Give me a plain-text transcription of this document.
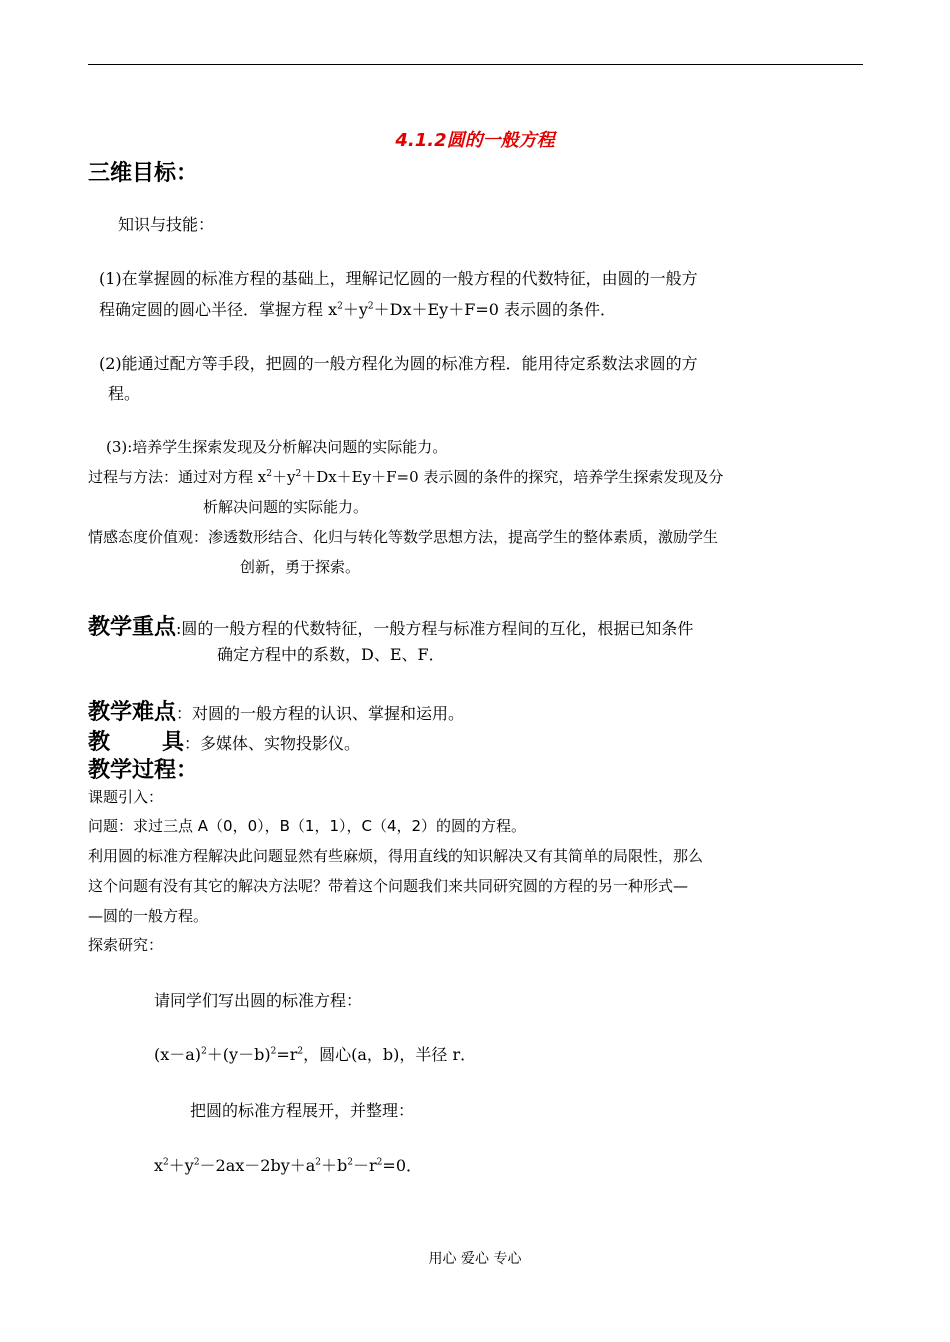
4.1.2圆的一般方程
三维目标：
知识与技能：
(1)在掌握圆的标准方程的基础上，理解记忆圆的一般方程的代数特征，由圆的一般方
程确定圆的圆心半径．掌握方程 $x^2+y^2+Dx+Ey+F=0$ 表示圆的条件．
(2)能通过配方等手段，把圆的一般方程化为圆的标准方程．能用待定系数法求圆的方
程。
(3):培养学生探索发现及分析解决问题的实际能力。
过程与方法：通过对方程 $x^2+y^2+Dx+Ey+F=0$ 表示圆的条件的探究，培养学生探索发现及分
析解决问题的实际能力。
情感态度价值观：渗透数形结合、化归与转化等数学思想方法，提高学生的整体素质，激励学生
创新，勇于探索。
教学重点:圆的一般方程的代数特征，一般方程与标准方程间的互化，根据已知条件
确定方程中的系数，D、E、F．
教学难点：对圆的一般方程的认识、掌握和运用。
教 具：多媒体、实物投影仪。
教学过程：
课题引入：
问题：求过三点 A（0，0），B（1，1），C（4，2）的圆的方程。
利用圆的标准方程解决此问题显然有些麻烦，得用直线的知识解决又有其简单的局限性，那么
这个问题有没有其它的解决方法呢？带着这个问题我们来共同研究圆的方程的另一种形式—
—圆的一般方程。
探索研究：
请同学们写出圆的标准方程：
$(x-a)^2+(y-b)^2=r^2$，圆心(a，b)，半径 r．
把圆的标准方程展开，并整理：
$x^2+y^2-2ax-2by+a^2+b^2-r^2=0$．
用心 爱心 专心
